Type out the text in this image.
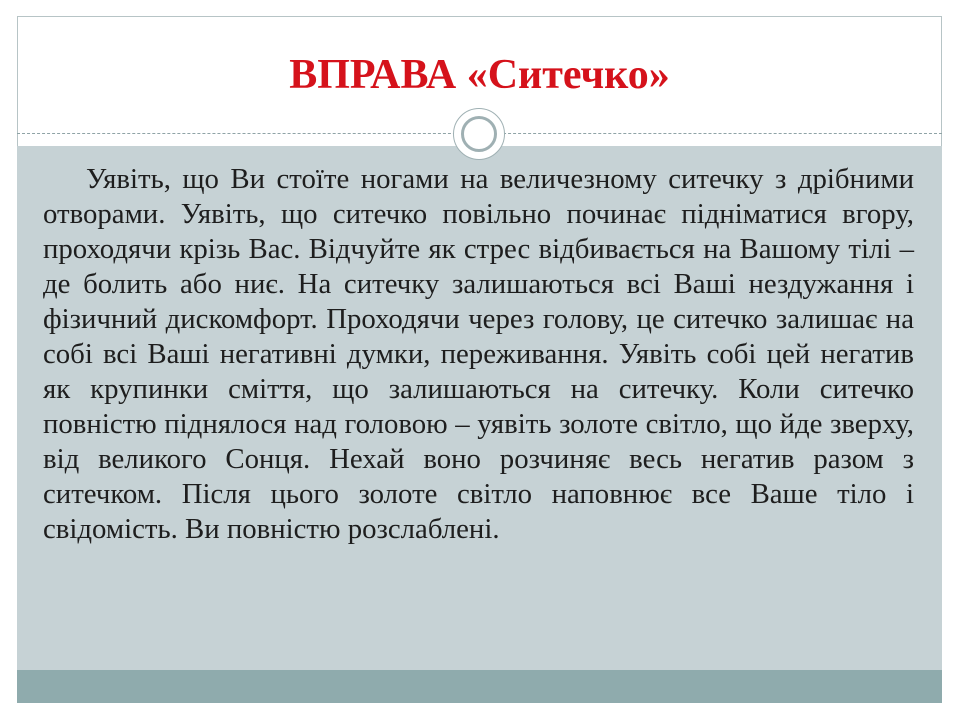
ВПРАВА «Ситечко»

Уявіть, що Ви стоїте ногами на величезному ситечку з дрібними отворами. Уявіть, що ситечко повільно починає підніматися вгору, проходячи крізь Вас. Відчуйте як стрес відбивається на Вашому тілі – де болить або ниє. На ситечку залишаються всі Ваші нездужання і фізичний дискомфорт. Проходячи через голову, це ситечко залишає на собі всі Ваші негативні думки, переживання. Уявіть собі цей негатив як крупинки сміття, що залишаються на ситечку. Коли ситечко повністю піднялося над головою – уявіть золоте світло, що йде зверху, від великого Сонця. Нехай воно розчиняє весь негатив разом з ситечком. Після цього золоте світло наповнює все Ваше тіло і свідомість. Ви повністю розслаблені.
